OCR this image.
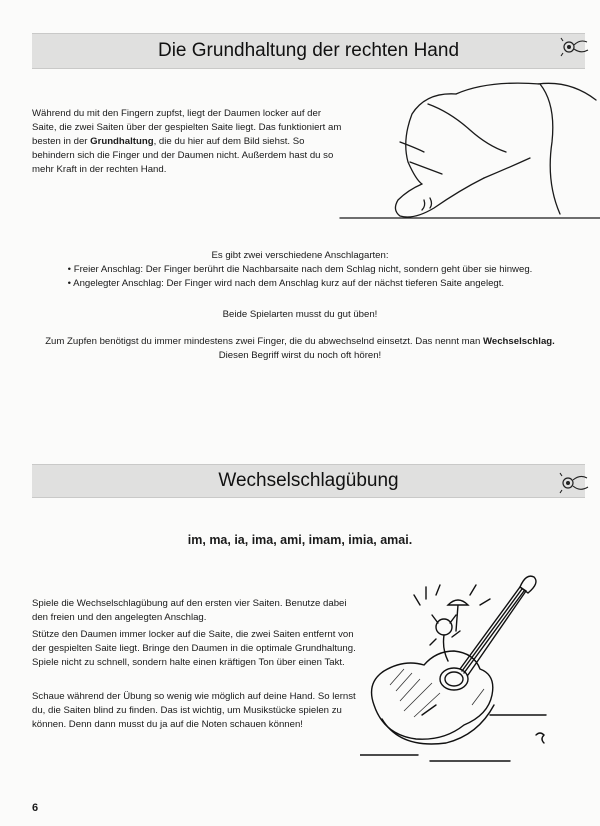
Die Grundhaltung der rechten Hand
Während du mit den Fingern zupfst, liegt der Daumen locker auf der Saite, die zwei Saiten über der gespielten Saite liegt. Das funktioniert am besten in der Grundhaltung, die du hier auf dem Bild siehst. So behindern sich die Finger und der Daumen nicht. Außerdem hast du so mehr Kraft in der rechten Hand.
Es gibt zwei verschiedene Anschlagarten:
• Freier Anschlag: Der Finger berührt die Nachbarsaite nach dem Schlag nicht, sondern geht über sie hinweg.
• Angelegter Anschlag: Der Finger wird nach dem Anschlag kurz auf der nächst tieferen Saite angelegt.
Beide Spielarten musst du gut üben!
Zum Zupfen benötigst du immer mindestens zwei Finger, die du abwechselnd einsetzt. Das nennt man Wechselschlag. Diesen Begriff wirst du noch oft hören!
Wechselschlagübung
im, ma, ia, ima, ami, imam, imia, amai.
Spiele die Wechselschlagübung auf den ersten vier Saiten. Benutze dabei den freien und den angelegten Anschlag.
Stütze den Daumen immer locker auf die Saite, die zwei Saiten entfernt von der gespielten Saite liegt. Bringe den Daumen in die optimale Grundhaltung. Spiele nicht zu schnell, sondern halte einen kräftigen Ton über einen Takt.
Schaue während der Übung so wenig wie möglich auf deine Hand. So lernst du, die Saiten blind zu finden. Das ist wichtig, um Musikstücke spielen zu können. Denn dann musst du ja auf die Noten schauen können!
6
